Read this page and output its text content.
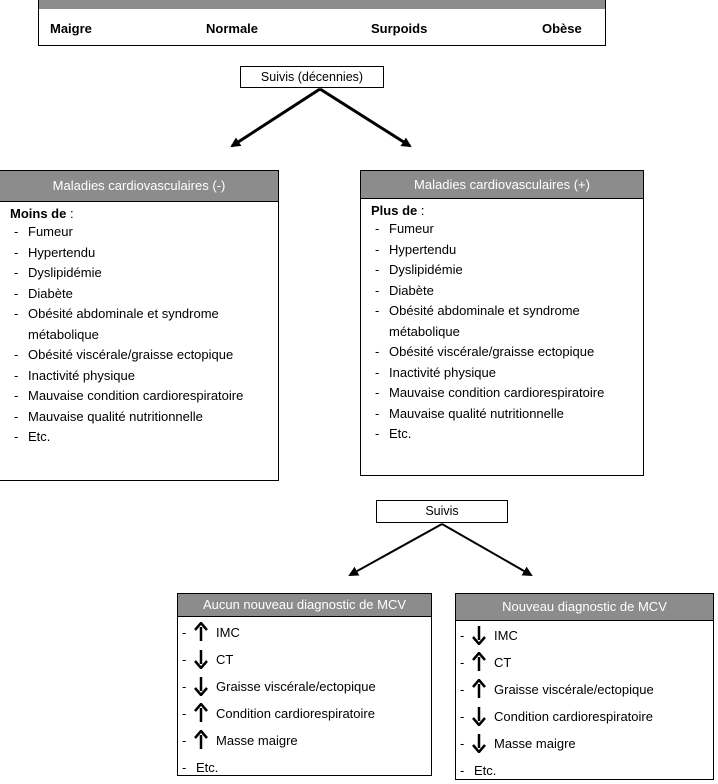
Maigre	Normale	Surpoids	Obèse
Suivis (décennies)
Maladies cardiovasculaires (-)
Moins de :
- Fumeur
- Hypertendu
- Dyslipidémie
- Diabète
- Obésité abdominale et syndrome métabolique
- Obésité viscérale/graisse ectopique
- Inactivité physique
- Mauvaise condition cardiorespiratoire
- Mauvaise qualité nutritionnelle
- Etc.
Maladies cardiovasculaires (+)
Plus de :
- Fumeur
- Hypertendu
- Dyslipidémie
- Diabète
- Obésité abdominale et syndrome métabolique
- Obésité viscérale/graisse ectopique
- Inactivité physique
- Mauvaise condition cardiorespiratoire
- Mauvaise qualité nutritionnelle
- Etc.
Suivis
Aucun nouveau diagnostic de MCV
- IMC
- CT
- Graisse viscérale/ectopique
- Condition cardiorespiratoire
- Masse maigre
- Etc.
Nouveau diagnostic de MCV
- IMC
- CT
- Graisse viscérale/ectopique
- Condition cardiorespiratoire
- Masse maigre
- Etc.
